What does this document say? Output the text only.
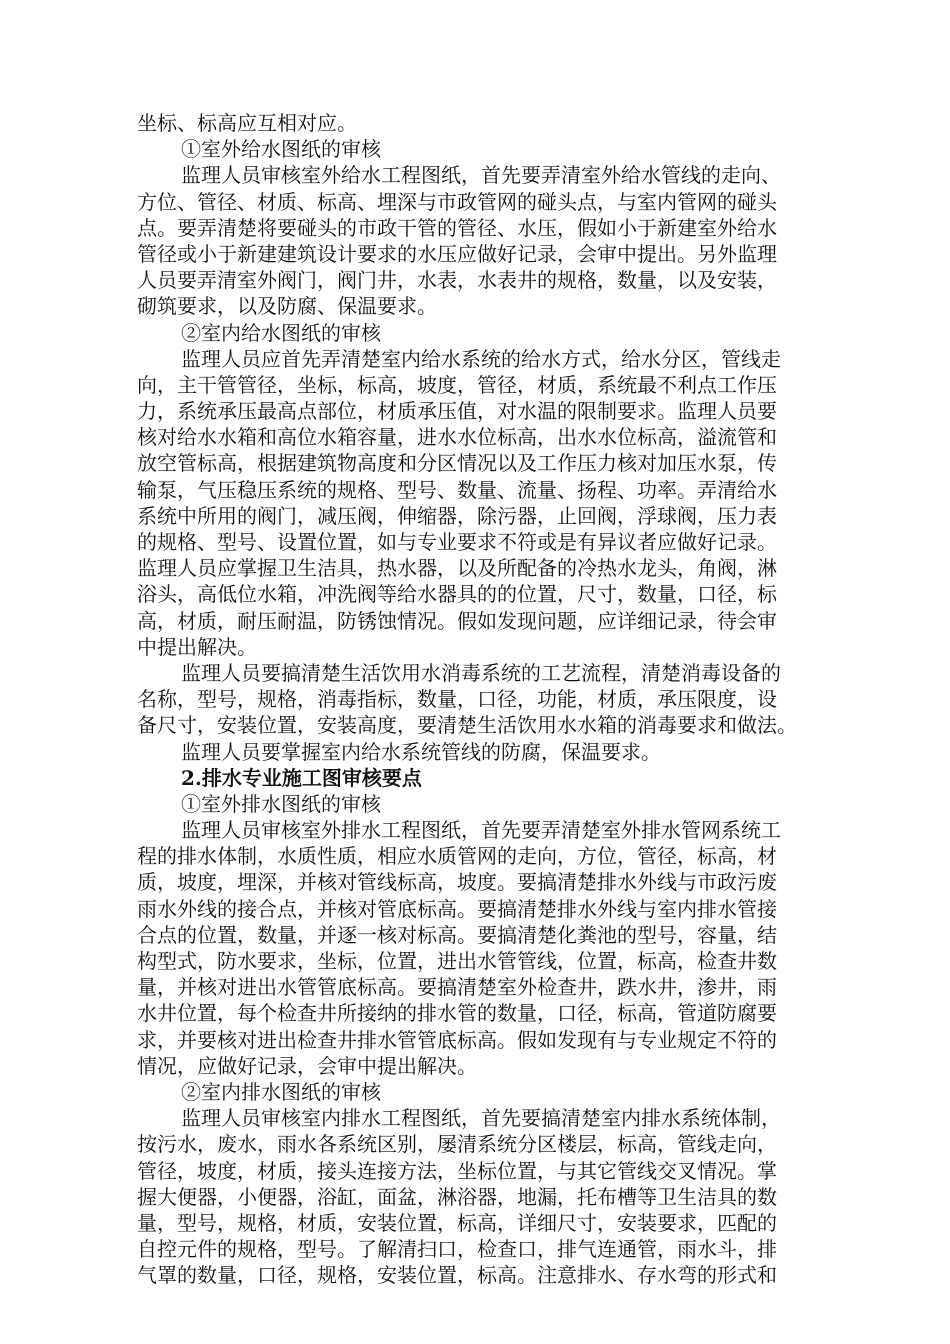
坐标、标高应互相对应。
①室外给水图纸的审核
监理人员审核室外给水工程图纸，首先要弄清室外给水管线的走向、
方位、管径、材质、标高、埋深与市政管网的碰头点，与室内管网的碰头
点。要弄清楚将要碰头的市政干管的管径、水压，假如小于新建室外给水
管径或小于新建建筑设计要求的水压应做好记录，会审中提出。另外监理
人员要弄清室外阀门，阀门井，水表，水表井的规格，数量，以及安装，
砌筑要求，以及防腐、保温要求。
②室内给水图纸的审核
监理人员应首先弄清楚室内给水系统的给水方式，给水分区，管线走
向，主干管管径，坐标，标高，坡度，管径，材质，系统最不利点工作压
力，系统承压最高点部位，材质承压值，对水温的限制要求。监理人员要
核对给水水箱和高位水箱容量，进水水位标高，出水水位标高，溢流管和
放空管标高，根据建筑物高度和分区情况以及工作压力核对加压水泵，传
输泵，气压稳压系统的规格、型号、数量、流量、扬程、功率。弄清给水
系统中所用的阀门，减压阀，伸缩器，除污器，止回阀，浮球阀，压力表
的规格、型号、设置位置，如与专业要求不符或是有异议者应做好记录。
监理人员应掌握卫生洁具，热水器，以及所配备的冷热水龙头，角阀，淋
浴头，高低位水箱，冲洗阀等给水器具的的位置，尺寸，数量，口径，标
高，材质，耐压耐温，防锈蚀情况。假如发现问题，应详细记录，待会审
中提出解决。
监理人员要搞清楚生活饮用水消毒系统的工艺流程，清楚消毒设备的
名称，型号，规格，消毒指标，数量，口径，功能，材质，承压限度，设
备尺寸，安装位置，安装高度，要清楚生活饮用水水箱的消毒要求和做法。
监理人员要掌握室内给水系统管线的防腐，保温要求。
2.排水专业施工图审核要点
①室外排水图纸的审核
监理人员审核室外排水工程图纸，首先要弄清楚室外排水管网系统工
程的排水体制，水质性质，相应水质管网的走向，方位，管径，标高，材
质，坡度，埋深，并核对管线标高，坡度。要搞清楚排水外线与市政污废
雨水外线的接合点，并核对管底标高。要搞清楚排水外线与室内排水管接
合点的位置，数量，并逐一核对标高。要搞清楚化粪池的型号，容量，结
构型式，防水要求，坐标，位置，进出水管管线，位置，标高，检查井数
量，并核对进出水管管底标高。要搞清楚室外检查井，跌水井，渗井，雨
水井位置，每个检查井所接纳的排水管的数量，口径，标高，管道防腐要
求，并要核对进出检查井排水管管底标高。假如发现有与专业规定不符的
情况，应做好记录，会审中提出解决。
②室内排水图纸的审核
监理人员审核室内排水工程图纸，首先要搞清楚室内排水系统体制，
按污水，废水，雨水各系统区别，屡清系统分区楼层，标高，管线走向，
管径，坡度，材质，接头连接方法，坐标位置，与其它管线交叉情况。掌
握大便器，小便器，浴缸，面盆，淋浴器，地漏，托布槽等卫生洁具的数
量，型号，规格，材质，安装位置，标高，详细尺寸，安装要求，匹配的
自控元件的规格，型号。了解清扫口，检查口，排气连通管，雨水斗，排
气罩的数量，口径，规格，安装位置，标高。注意排水、存水弯的形式和
